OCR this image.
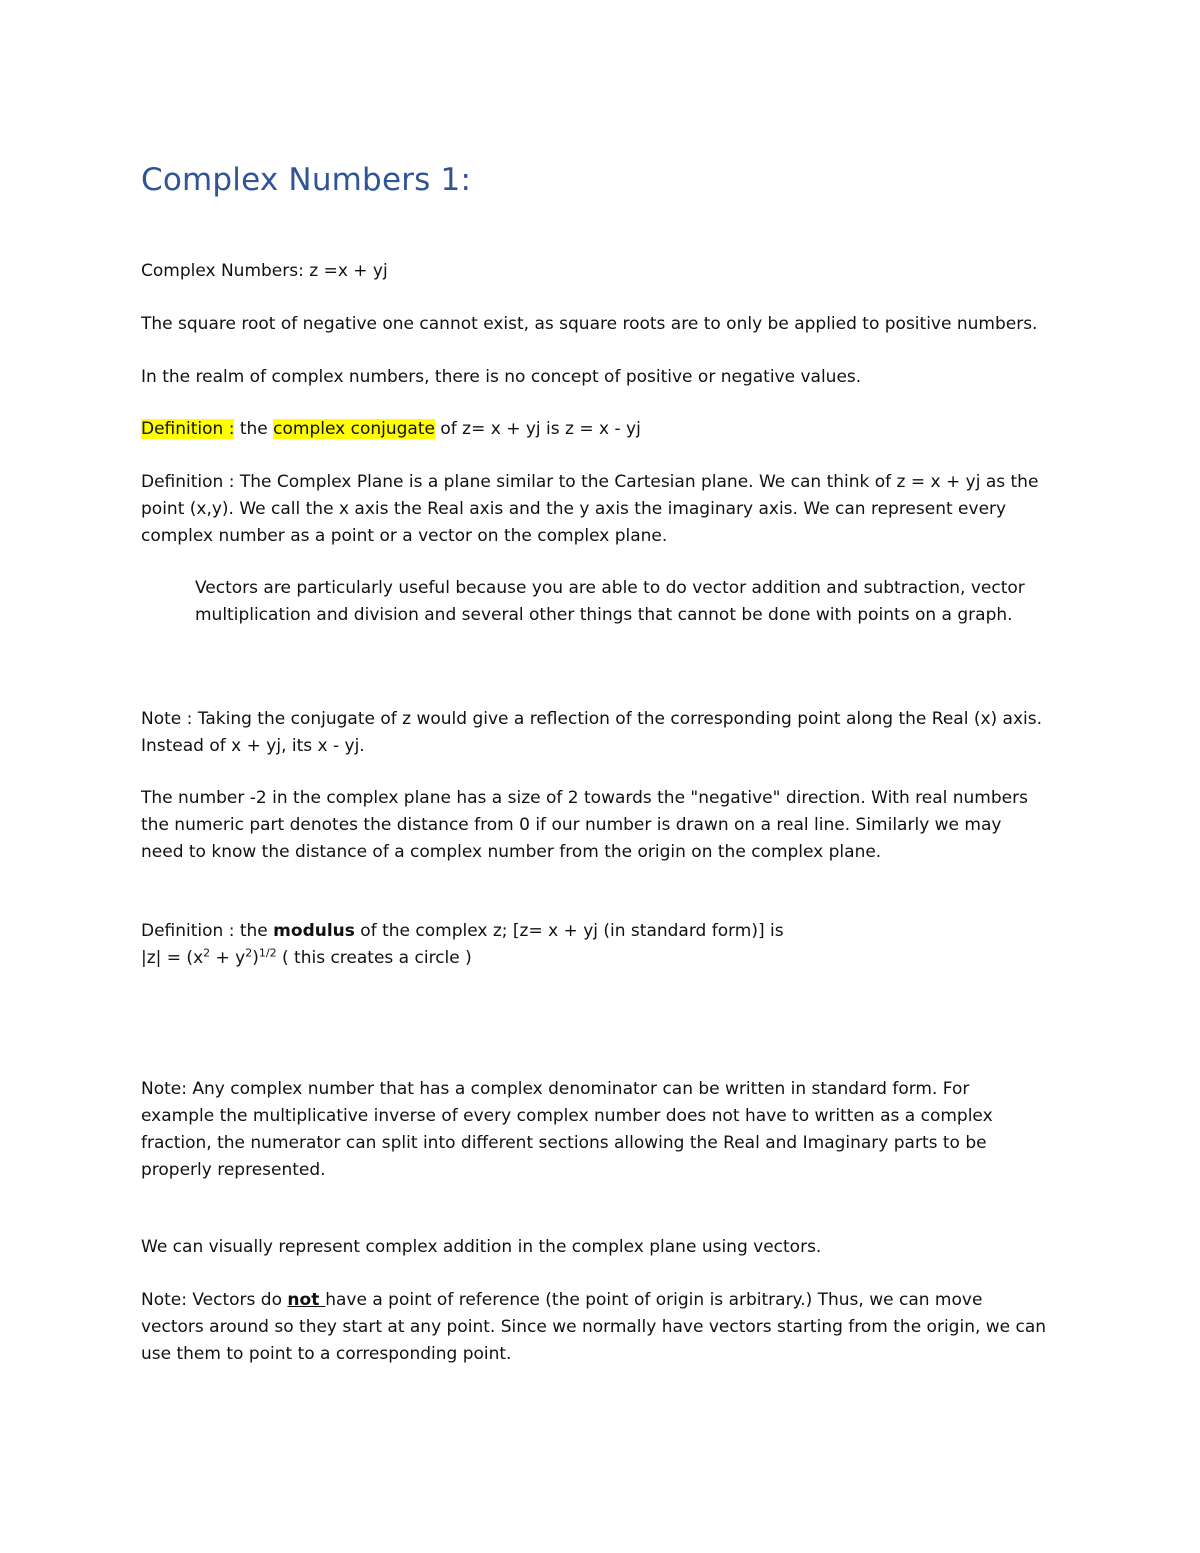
Complex Numbers 1:
Complex Numbers: z =x + yj
The square root of negative one cannot exist, as square roots are to only be applied to positive numbers.
In the realm of complex numbers, there is no concept of positive or negative values.
Definition : the complex conjugate of z= x + yj is z = x - yj
Definition : The Complex Plane is a plane similar to the Cartesian plane. We can think of z = x + yj as the
point (x,y). We call the x axis the Real axis and the y axis the imaginary axis. We can represent every
complex number as a point or a vector on the complex plane.
Vectors are particularly useful because you are able to do vector addition and subtraction, vector
multiplication and division and several other things that cannot be done with points on a graph.
Note : Taking the conjugate of z would give a reflection of the corresponding point along the Real (x) axis.
Instead of x + yj, its x - yj.
The number -2 in the complex plane has a size of 2 towards the "negative" direction. With real numbers
the numeric part denotes the distance from 0 if our number is drawn on a real line. Similarly we may
need to know the distance of a complex number from the origin on the complex plane.
Definition : the modulus of the complex z; [z= x + yj (in standard form)] is
$|z| = (x^2 + y^2)^{1/2}$ ( this creates a circle )
Note: Any complex number that has a complex denominator can be written in standard form. For
example the multiplicative inverse of every complex number does not have to written as a complex
fraction, the numerator can split into different sections allowing the Real and Imaginary parts to be
properly represented.
We can visually represent complex addition in the complex plane using vectors.
Note: Vectors do not have a point of reference (the point of origin is arbitrary.) Thus, we can move
vectors around so they start at any point. Since we normally have vectors starting from the origin, we can
use them to point to a corresponding point.
